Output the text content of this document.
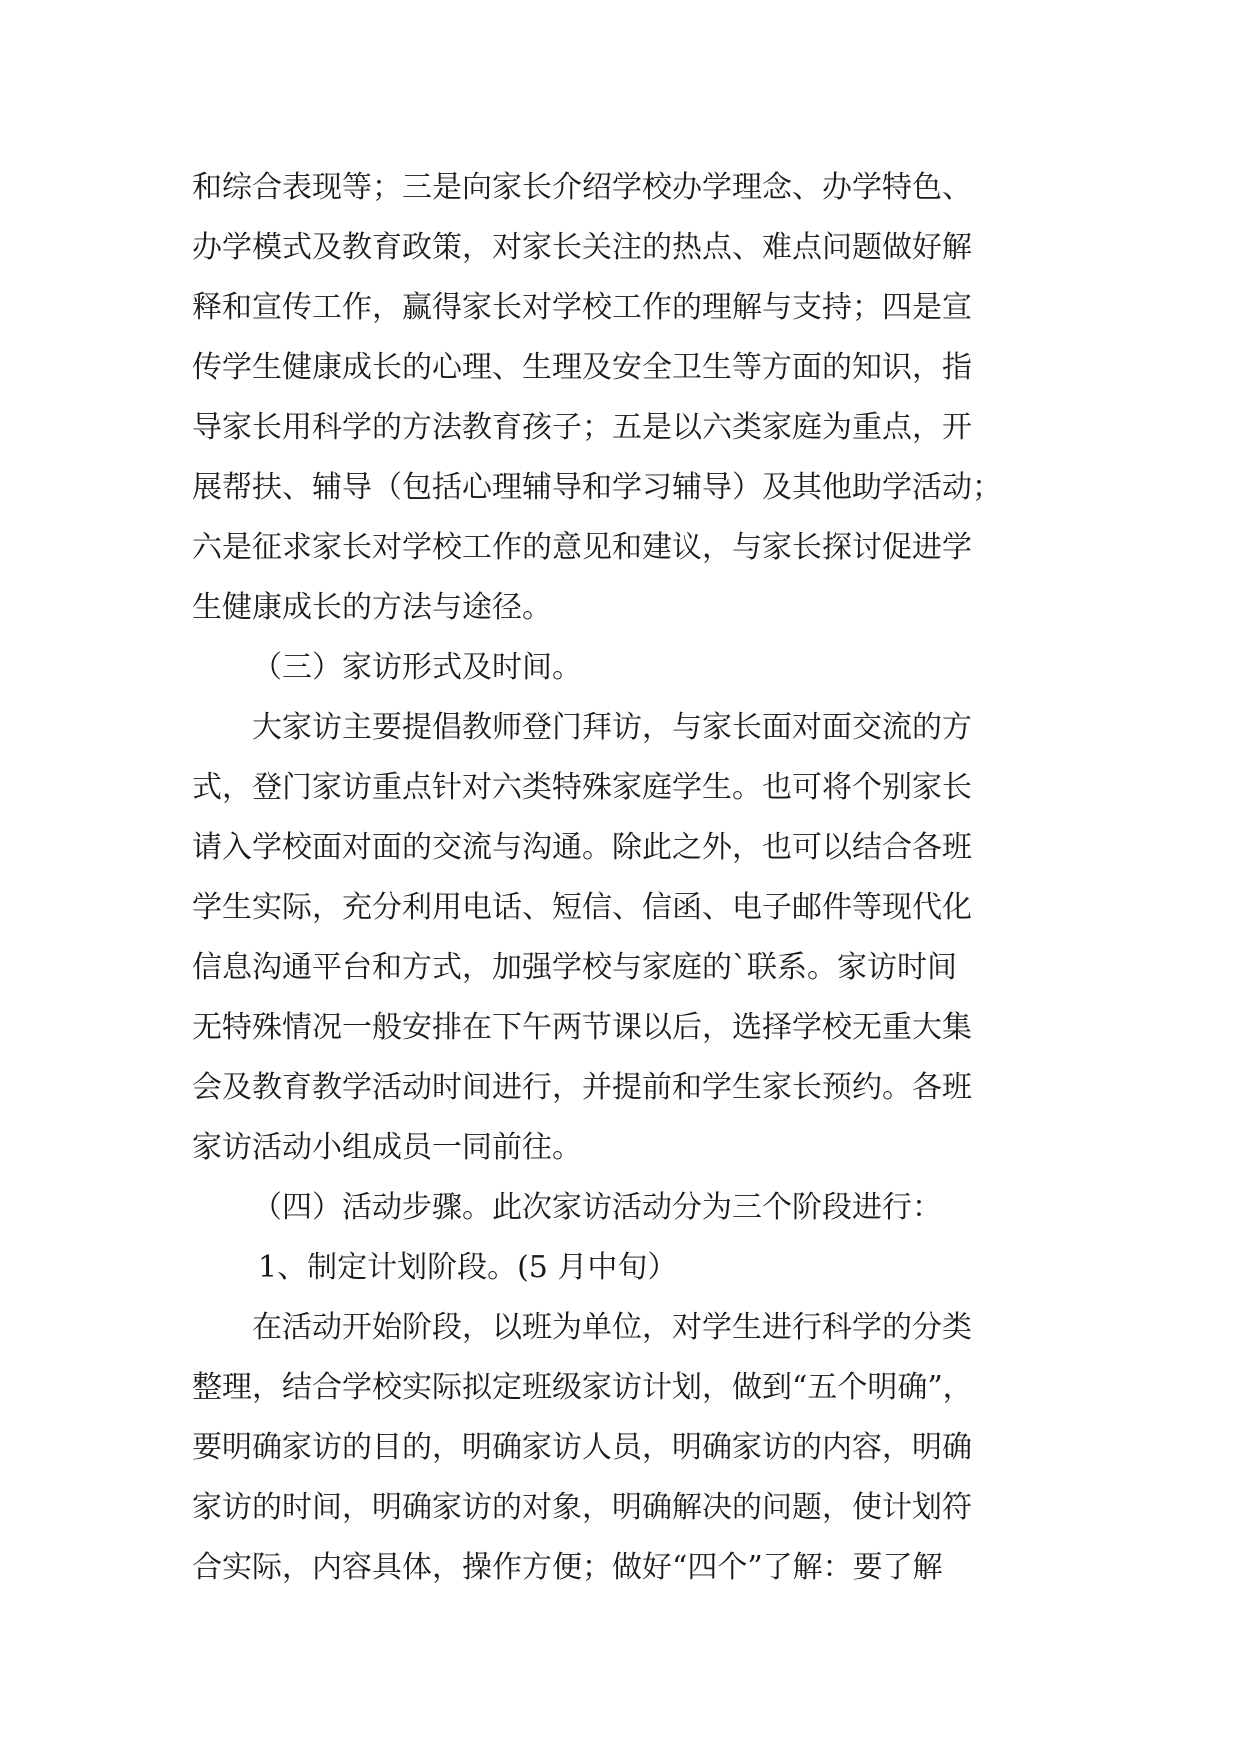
和综合表现等；三是向家长介绍学校办学理念、办学特色、
办学模式及教育政策，对家长关注的热点、难点问题做好解
释和宣传工作，赢得家长对学校工作的理解与支持；四是宣
传学生健康成长的心理、生理及安全卫生等方面的知识，指
导家长用科学的方法教育孩子；五是以六类家庭为重点，开
展帮扶、辅导（包括心理辅导和学习辅导）及其他助学活动；
六是征求家长对学校工作的意见和建议，与家长探讨促进学
生健康成长的方法与途径。
（三）家访形式及时间。
大家访主要提倡教师登门拜访，与家长面对面交流的方
式，登门家访重点针对六类特殊家庭学生。也可将个别家长
请入学校面对面的交流与沟通。除此之外，也可以结合各班
学生实际，充分利用电话、短信、信函、电子邮件等现代化
信息沟通平台和方式，加强学校与家庭的`联系。家访时间
无特殊情况一般安排在下午两节课以后，选择学校无重大集
会及教育教学活动时间进行，并提前和学生家长预约。各班
家访活动小组成员一同前往。
（四）活动步骤。此次家访活动分为三个阶段进行：
1、制定计划阶段。(5 月中旬）
在活动开始阶段，以班为单位，对学生进行科学的分类
整理，结合学校实际拟定班级家访计划，做到“五个明确”，
要明确家访的目的，明确家访人员，明确家访的内容，明确
家访的时间，明确家访的对象，明确解决的问题，使计划符
合实际，内容具体，操作方便；做好“四个”了解：要了解
